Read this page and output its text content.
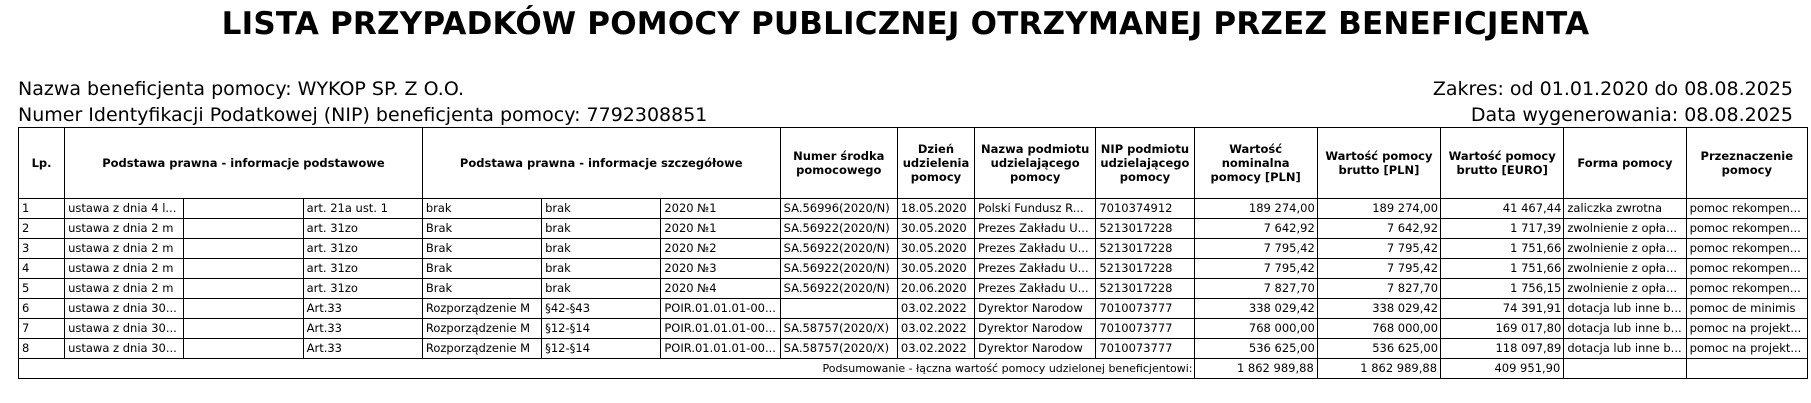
LISTA PRZYPADKÓW POMOCY PUBLICZNEJ OTRZYMANEJ PRZEZ BENEFICJENTA
Nazwa beneficjenta pomocy: WYKOP SP. Z O.O.
Numer Identyfikacji Podatkowej (NIP) beneficjenta pomocy: 7792308851
Zakres: od 01.01.2020 do 08.08.2025
Data wygenerowania: 08.08.2025
Lp.	Podstawa prawna - informacje podstawowe			Podstawa prawna - informacje szczegółowe			Numer środka pomocowego	Dzień udzielenia pomocy	Nazwa podmiotu udzielającego pomocy	NIP podmiotu udzielającego pomocy	Wartość nominalna pomocy [PLN]	Wartość pomocy brutto [PLN]	Wartość pomocy brutto [EURO]	Forma pomocy	Przeznaczenie pomocy
1	ustawa z dnia 4 l...		art. 21a ust. 1	brak	brak	2020 №1	SA.56996(2020/N)	18.05.2020	Polski Fundusz R...	7010374912	189 274,00	189 274,00	41 467,44	zaliczka zwrotna	pomoc rekompen...
2	ustawa z dnia 2 m		art. 31zo	Brak	brak	2020 №1	SA.56922(2020/N)	30.05.2020	Prezes Zakładu U...	5213017228	7 642,92	7 642,92	1 717,39	zwolnienie z opła...	pomoc rekompen...
3	ustawa z dnia 2 m		art. 31zo	Brak	brak	2020 №2	SA.56922(2020/N)	30.05.2020	Prezes Zakładu U...	5213017228	7 795,42	7 795,42	1 751,66	zwolnienie z opła...	pomoc rekompen...
4	ustawa z dnia 2 m		art. 31zo	Brak	brak	2020 №3	SA.56922(2020/N)	30.05.2020	Prezes Zakładu U...	5213017228	7 795,42	7 795,42	1 751,66	zwolnienie z opła...	pomoc rekompen...
5	ustawa z dnia 2 m		art. 31zo	Brak	brak	2020 №4	SA.56922(2020/N)	20.06.2020	Prezes Zakładu U...	5213017228	7 827,70	7 827,70	1 756,15	zwolnienie z opła...	pomoc rekompen...
6	ustawa z dnia 30...		Art.33	Rozporządzenie M	§42-§43	POIR.01.01.01-00...		03.02.2022	Dyrektor Narodow	7010073777	338 029,42	338 029,42	74 391,91	dotacja lub inne b...	pomoc de minimis
7	ustawa z dnia 30...		Art.33	Rozporządzenie M	§12-§14	POIR.01.01.01-00...	SA.58757(2020/X)	03.02.2022	Dyrektor Narodow	7010073777	768 000,00	768 000,00	169 017,80	dotacja lub inne b...	pomoc na projekt...
8	ustawa z dnia 30...		Art.33	Rozporządzenie M	§12-§14	POIR.01.01.01-00...	SA.58757(2020/X)	03.02.2022	Dyrektor Narodow	7010073777	536 625,00	536 625,00	118 097,89	dotacja lub inne b...	pomoc na projekt...
Podsumowanie - łączna wartość pomocy udzielonej beneficjentowi:											1 862 989,88	1 862 989,88	409 951,90		
